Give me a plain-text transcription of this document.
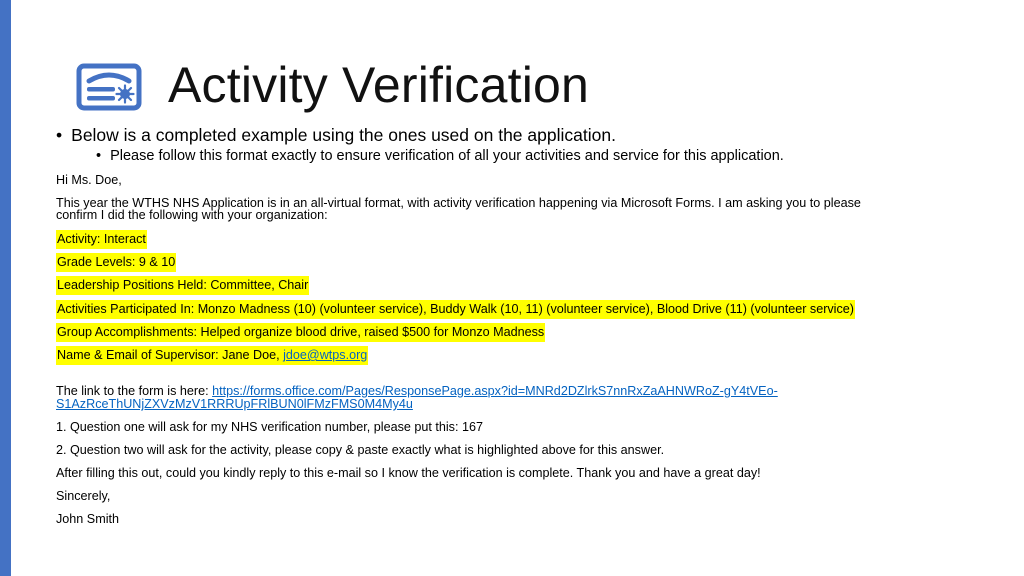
Activity Verification
• Below is a completed example using the ones used on the application.
• Please follow this format exactly to ensure verification of all your activities and service for this application.
Hi Ms. Doe,
This year the WTHS NHS Application is in an all-virtual format, with activity verification happening via Microsoft Forms. I am asking you to please
confirm I did the following with your organization:
Activity: Interact
Grade Levels: 9 & 10
Leadership Positions Held: Committee, Chair
Activities Participated In: Monzo Madness (10) (volunteer service), Buddy Walk (10, 11) (volunteer service), Blood Drive (11) (volunteer service)
Group Accomplishments: Helped organize blood drive, raised $500 for Monzo Madness
Name & Email of Supervisor: Jane Doe, jdoe@wtps.org
The link to the form is here: https://forms.office.com/Pages/ResponsePage.aspx?id=MNRd2DZlrkS7nnRxZaAHNWRoZ-gY4tVEo-
S1AzRceThUNjZXVzMzV1RRRUpFRlBUN0lFMzFMS0M4My4u
1. Question one will ask for my NHS verification number, please put this: 167
2. Question two will ask for the activity, please copy & paste exactly what is highlighted above for this answer.
After filling this out, could you kindly reply to this e-mail so I know the verification is complete. Thank you and have a great day!
Sincerely,
John Smith
